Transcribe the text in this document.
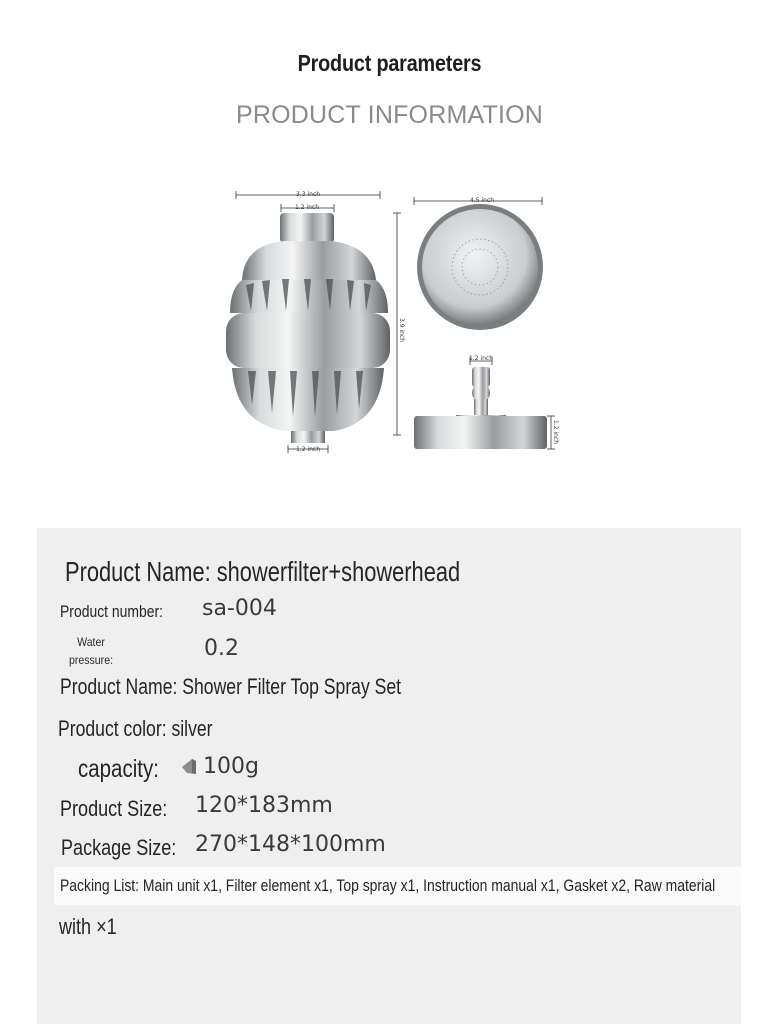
Product parameters
PRODUCT INFORMATION
3.3 inch
1.2 inch
1.2 inch
3.9 inch
4.5 inch
1.2 inch
1.2 inch
Product Name: showerfilter+showerhead
Product number: sa-004
Water
pressure:	0.2
Product Name: Shower Filter Top Spray Set
Product color: silver
capacity: 100g
Product Size: 120*183mm
Package Size: 270*148*100mm
Packing List: Main unit x1, Filter element x1, Top spray x1, Instruction manual x1, Gasket x2, Raw material
with ×1
